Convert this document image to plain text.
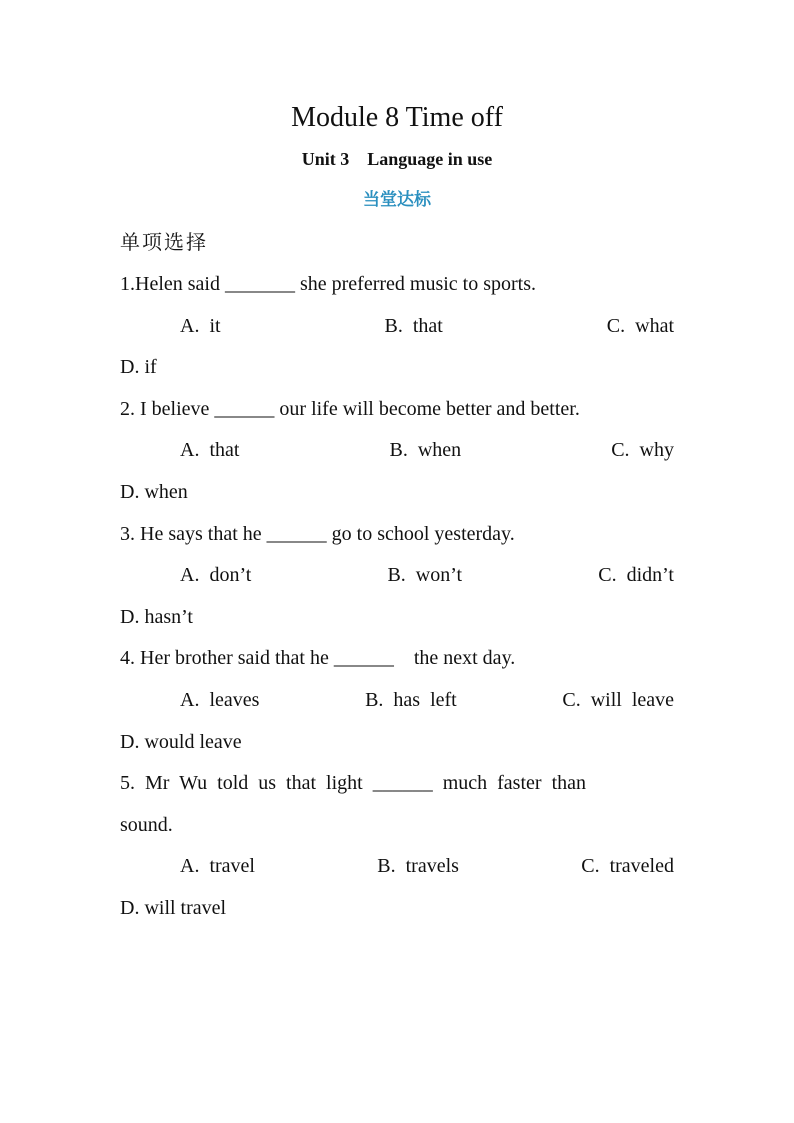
Module 8 Time off
Unit 3    Language in use
当堂达标
单项选择
1.Helen said _______ she preferred music to sports.
A.  it	B.  that	C.  what
D. if
2. I believe ______ our life will become better and better.
A.  that	B.  when	C.  why
D. when
3. He says that he ______ go to school yesterday.
A.  don’t	B.  won’t	C.  didn’t
D. hasn’t
4. Her brother said that he ______    the next day.
A.  leaves	B.  has  left	C.  will  leave
D. would leave
5.  Mr  Wu  told  us  that  light  ______  much  faster  than
sound.
A.  travel	B.  travels	C.  traveled
D. will travel
